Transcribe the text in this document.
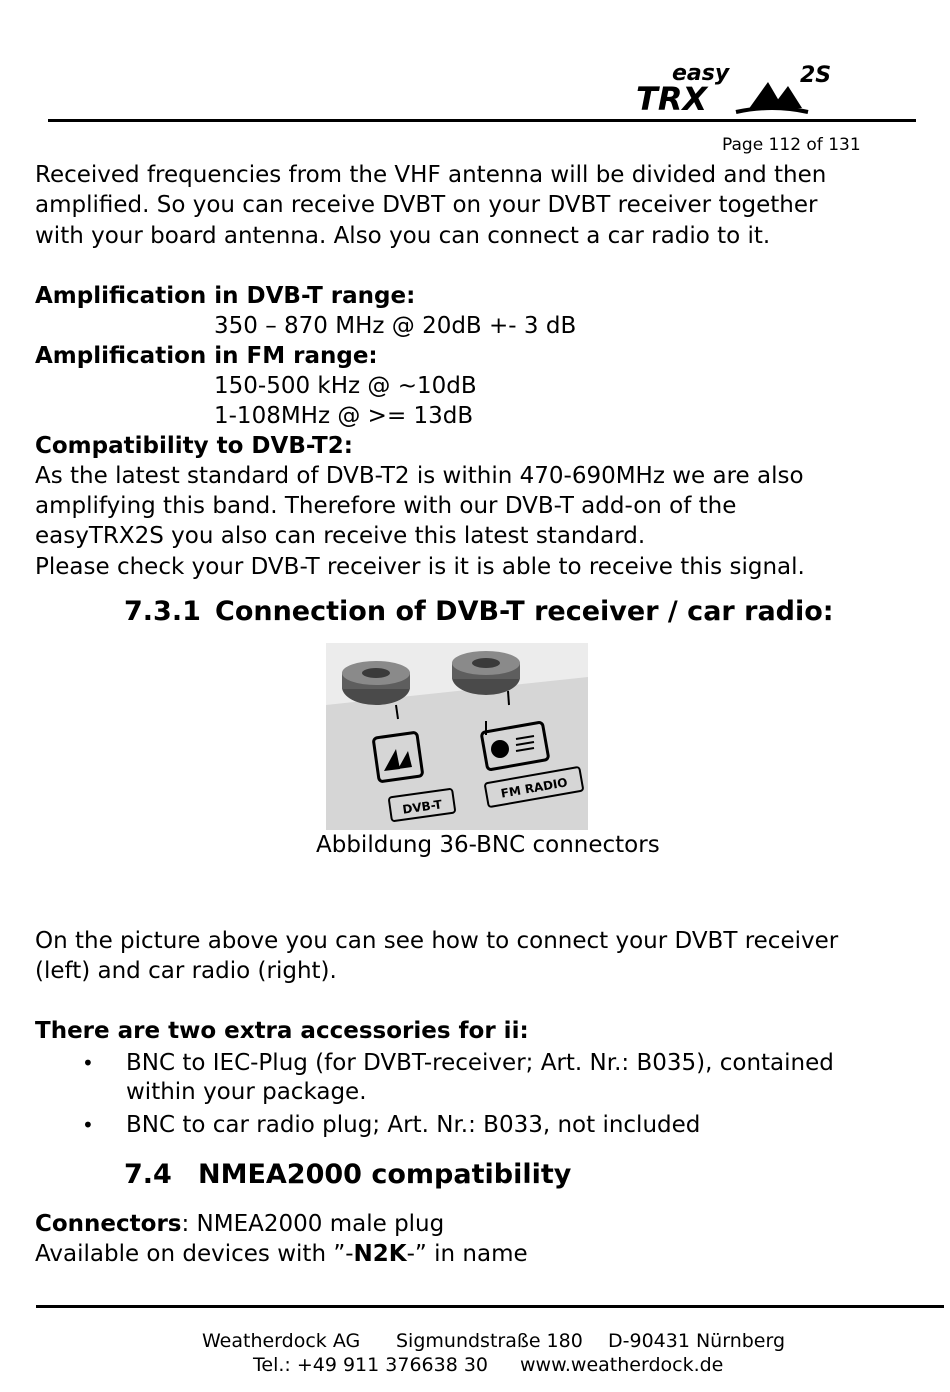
easy	2S
TRX
Page 112 of 131
Received frequencies from the VHF antenna will be divided and then
amplified. So you can receive DVBT on your DVBT receiver together
with your board antenna. Also you can connect a car radio to it.
Amplification in DVB-T range:
350 – 870 MHz @ 20dB +- 3 dB
Amplification in FM range:
150-500 kHz @ ~10dB
1-108MHz @ >= 13dB
Compatibility to DVB-T2:
As the latest standard of DVB-T2 is within 470-690MHz we are also
amplifying this band. Therefore with our DVB-T add-on of the
easyTRX2S you also can receive this latest standard.
Please check your DVB-T receiver is it is able to receive this signal.
7.3.1 Connection of DVB-T receiver / car radio:
DVB-T
FM RADIO
Abbildung 36-BNC connectors
On the picture above you can see how to connect your DVBT receiver
(left) and car radio (right).
There are two extra accessories for ii:
• BNC to IEC-Plug (for DVBT-receiver; Art. Nr.: B035), contained
within your package.
• BNC to car radio plug; Art. Nr.: B033, not included
7.4 NMEA2000 compatibility
Connectors: NMEA2000 male plug
Available on devices with ”-N2K-” in name
Weatherdock AG Sigmundstraße 180 D-90431 Nürnberg
Tel.: +49 911 376638 30 www.weatherdock.de
